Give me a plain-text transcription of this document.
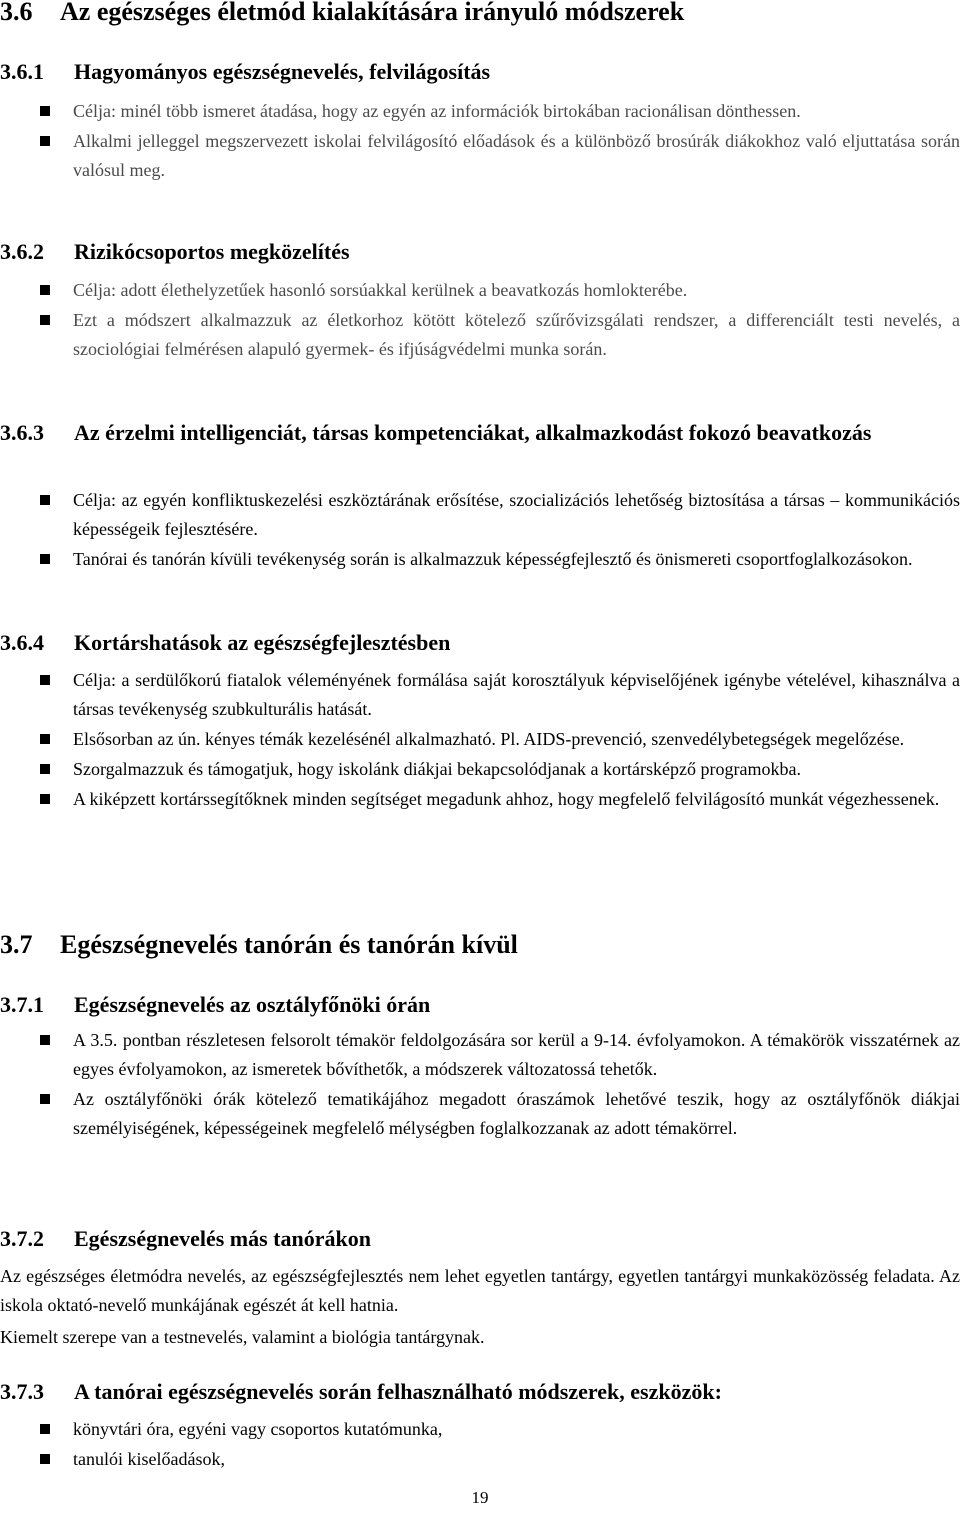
3.6 Az egészséges életmód kialakítására irányuló módszerek
3.6.1 Hagyományos egészségnevelés, felvilágosítás
Célja: minél több ismeret átadása, hogy az egyén az információk birtokában racionálisan dönthessen.
Alkalmi jelleggel megszervezett iskolai felvilágosító előadások és a különböző brosúrák diákokhoz való eljuttatása során valósul meg.
3.6.2 Rizikócsoportos megközelítés
Célja: adott élethelyzetűek hasonló sorsúakkal kerülnek a beavatkozás homlokterébe.
Ezt a módszert alkalmazzuk az életkorhoz kötött kötelező szűrővizsgálati rendszer, a differenciált testi nevelés, a szociológiai felmérésen alapuló gyermek- és ifjúságvédelmi munka során.
3.6.3 Az érzelmi intelligenciát, társas kompetenciákat, alkalmazkodást fokozó beavatkozás
Célja: az egyén konfliktuskezelési eszköztárának erősítése, szocializációs lehetőség biztosítása a társas – kommunikációs képességeik fejlesztésére.
Tanórai és tanórán kívüli tevékenység során is alkalmazzuk képességfejlesztő és önismereti csoportfoglalkozásokon.
3.6.4 Kortárshatások az egészségfejlesztésben
Célja: a serdülőkorú fiatalok véleményének formálása saját korosztályuk képviselőjének igénybe vételével, kihasználva a társas tevékenység szubkulturális hatását.
Elsősorban az ún. kényes témák kezelésénél alkalmazható. Pl. AIDS-prevenció, szenvedélybetegségek megelőzése.
Szorgalmazzuk és támogatjuk, hogy iskolánk diákjai bekapcsolódjanak a kortársképző programokba.
A kiképzett kortárssegítőknek minden segítséget megadunk ahhoz, hogy megfelelő felvilágosító munkát végezhessenek.
3.7 Egészségnevelés tanórán és tanórán kívül
3.7.1 Egészségnevelés az osztályfőnöki órán
A 3.5. pontban részletesen felsorolt témakör feldolgozására sor kerül a 9-14. évfolyamokon. A témakörök visszatérnek az egyes évfolyamokon, az ismeretek bővíthetők, a módszerek változatossá tehetők.
Az osztályfőnöki órák kötelező tematikájához megadott óraszámok lehetővé teszik, hogy az osztályfőnök diákjai személyiségének, képességeinek megfelelő mélységben foglalkozzanak az adott témakörrel.
3.7.2 Egészségnevelés más tanórákon
Az egészséges életmódra nevelés, az egészségfejlesztés nem lehet egyetlen tantárgy, egyetlen tantárgyi munkaközösség feladata. Az iskola oktató-nevelő munkájának egészét át kell hatnia.
Kiemelt szerepe van a testnevelés, valamint a biológia tantárgynak.
3.7.3 A tanórai egészségnevelés során felhasználható módszerek, eszközök:
könyvtári óra, egyéni vagy csoportos kutatómunka,
tanulói kiselőadások,
19
